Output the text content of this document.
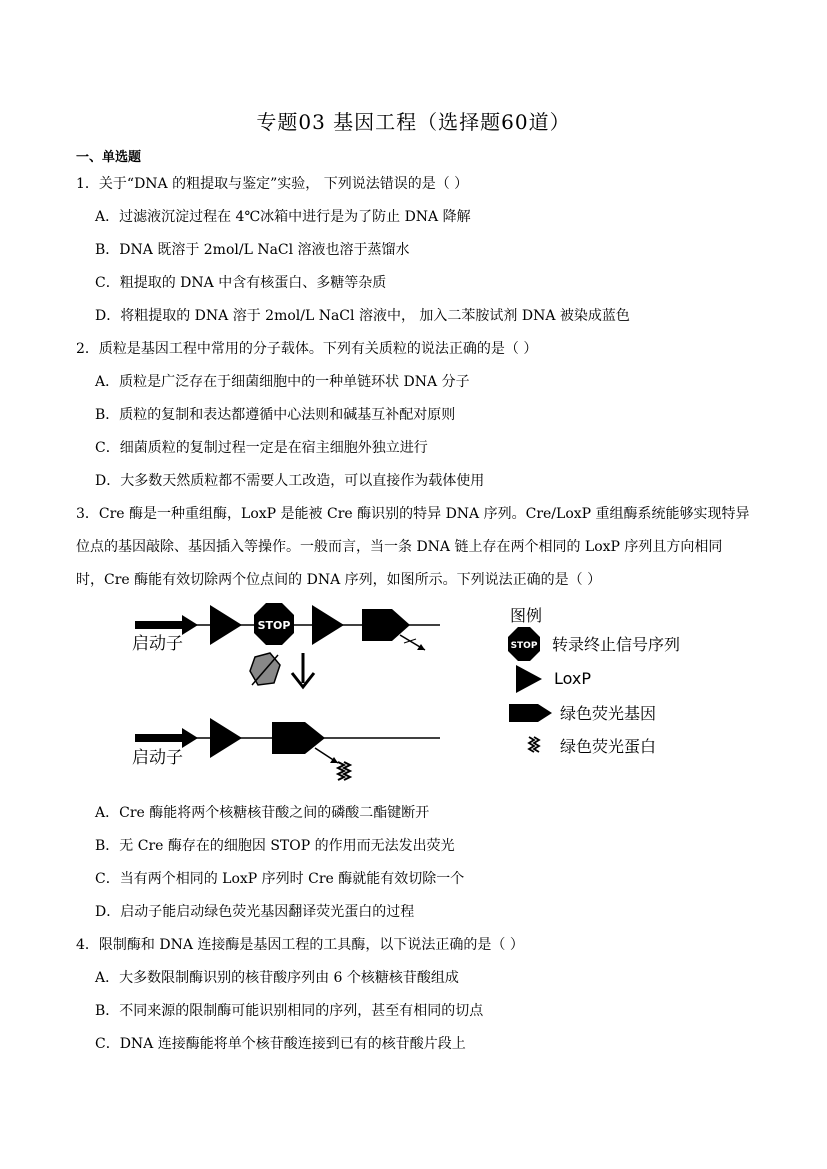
专题03 基因工程（选择题60道）
一、单选题
1．关于“DNA 的粗提取与鉴定”实验， 下列说法错误的是（ ）
A．过滤液沉淀过程在 4℃冰箱中进行是为了防止 DNA 降解
B．DNA 既溶于 2mol/L NaCl 溶液也溶于蒸馏水
C．粗提取的 DNA 中含有核蛋白、多糖等杂质
D．将粗提取的 DNA 溶于 2mol/L NaCl 溶液中， 加入二苯胺试剂 DNA 被染成蓝色
2．质粒是基因工程中常用的分子载体。下列有关质粒的说法正确的是（ ）
A．质粒是广泛存在于细菌细胞中的一种单链环状 DNA 分子
B．质粒的复制和表达都遵循中心法则和碱基互补配对原则
C．细菌质粒的复制过程一定是在宿主细胞外独立进行
D．大多数天然质粒都不需要人工改造，可以直接作为载体使用
3．Cre 酶是一种重组酶，LoxP 是能被 Cre 酶识别的特异 DNA 序列。Cre/LoxP 重组酶系统能够实现特异
位点的基因敲除、基因插入等操作。一般而言，当一条 DNA 链上存在两个相同的 LoxP 序列且方向相同
时，Cre 酶能有效切除两个位点间的 DNA 序列，如图所示。下列说法正确的是（ ）
启动子
STOP
启动子
图例
STOP 转录终止信号序列
LoxP
绿色荧光基因
绿色荧光蛋白
A．Cre 酶能将两个核糖核苷酸之间的磷酸二酯键断开
B．无 Cre 酶存在的细胞因 STOP 的作用而无法发出荧光
C．当有两个相同的 LoxP 序列时 Cre 酶就能有效切除一个
D．启动子能启动绿色荧光基因翻译荧光蛋白的过程
4．限制酶和 DNA 连接酶是基因工程的工具酶，以下说法正确的是（ ）
A．大多数限制酶识别的核苷酸序列由 6 个核糖核苷酸组成
B．不同来源的限制酶可能识别相同的序列，甚至有相同的切点
C．DNA 连接酶能将单个核苷酸连接到已有的核苷酸片段上
